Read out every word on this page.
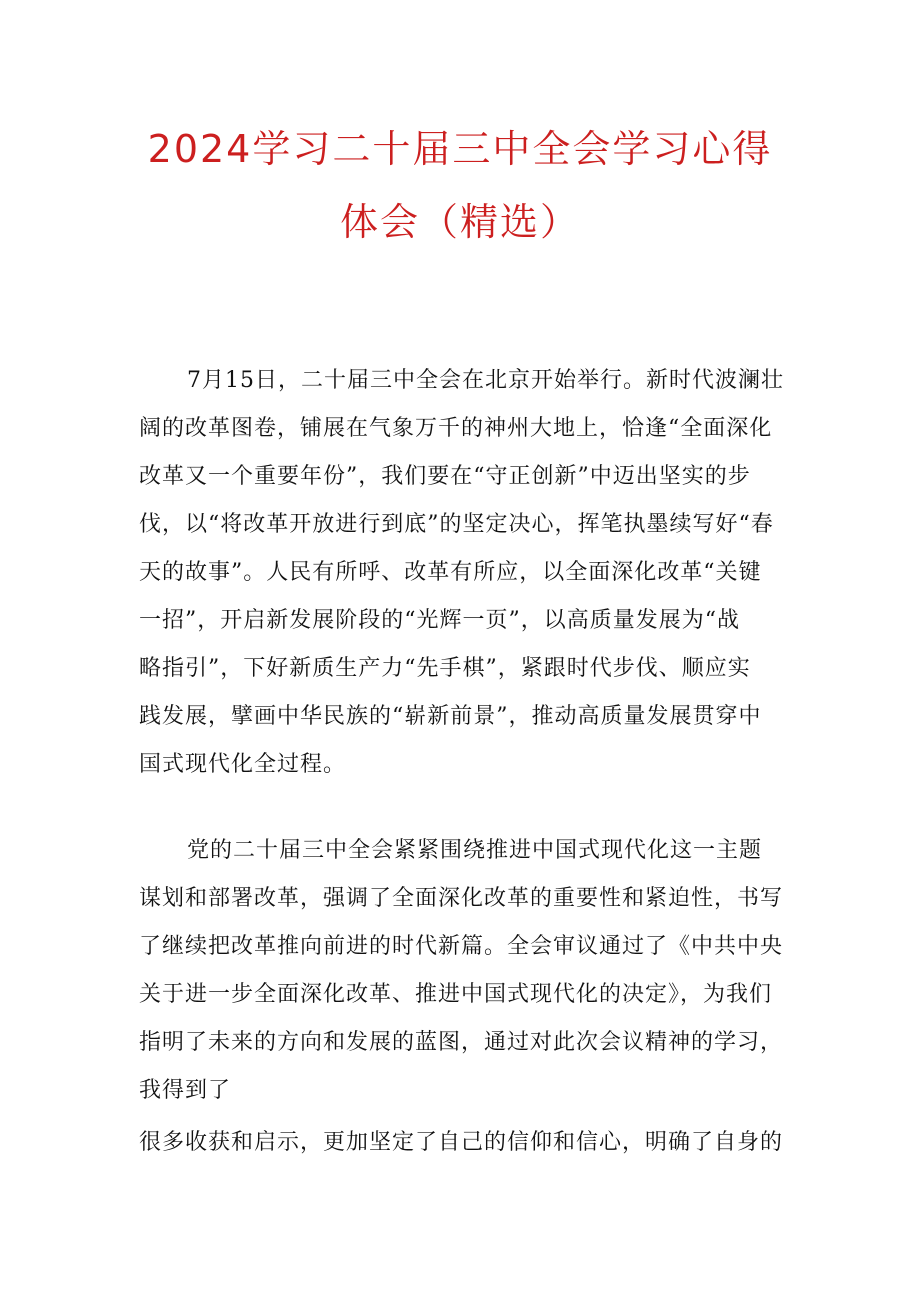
2024学习二十届三中全会学习心得
体会（精选）
7月15日，二十届三中全会在北京开始举行。新时代波澜壮
阔的改革图卷，铺展在气象万千的神州大地上，恰逢“全面深化
改革又一个重要年份”，我们要在“守正创新”中迈出坚实的步
伐，以“将改革开放进行到底”的坚定决心，挥笔执墨续写好“春
天的故事”。人民有所呼、改革有所应，以全面深化改革“关键
一招”，开启新发展阶段的“光辉一页”，以高质量发展为“战
略指引”，下好新质生产力“先手棋”，紧跟时代步伐、顺应实
践发展，擘画中华民族的“崭新前景”，推动高质量发展贯穿中
国式现代化全过程。
党的二十届三中全会紧紧围绕推进中国式现代化这一主题
谋划和部署改革，强调了全面深化改革的重要性和紧迫性，书写
了继续把改革推向前进的时代新篇。全会审议通过了《中共中央
关于进一步全面深化改革、推进中国式现代化的决定》，为我们
指明了未来的方向和发展的蓝图，通过对此次会议精神的学习，
我得到了
很多收获和启示，更加坚定了自己的信仰和信心，明确了自身的
